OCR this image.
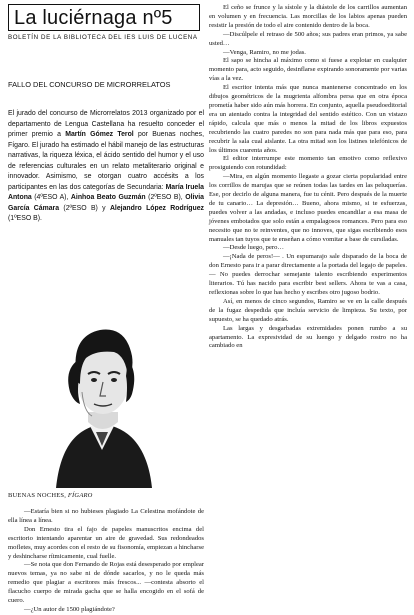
La luciérnaga nº5
BOLETÍN DE LA BIBLIOTECA DEL IES LUIS DE LUCENA
FALLO DEL CONCURSO DE MICRORRELATOS

El jurado del concurso de Microrrelatos 2013 organizado por el departamento de Lengua Castellana ha resuelto conceder el primer premio a Martín Gómez Terol por Buenas noches, Fígaro. El jurado ha estimado el hábil manejo de las estructuras narrativas, la riqueza léxica, el ácido sentido del humor y el uso de referencias culturales en un relato metaliterario original e innovador. Asimismo, se otorgan cuatro accésits a los participantes en las dos categorías de Secundaria: María Iruela Antona (4ºESO A), Ainhoa Beato Guzmán (2ºESO B), Olivia García Cámara (2ºESO B) y Alejandro López Rodríguez (1ºESO B).

BUENAS NOCHES, FÍGARO
—Estaría bien si no hubieses plagiado La Celestina mofándote de ella línea a línea.
Don Ernesto tira el fajo de papeles manuscritos encima del escritorio intentando aparentar un aire de gravedad. Sus redondeados mofletes, muy acordes con el resto de su fisonomía, empiezan a hincharse y deshincharse rítmicamente, cual fuelle.
—Se nota que don Fernando de Rojas está desesperado por emplear nuevos temas, ya no sabe ni de dónde sacarlos, y no le queda más remedio que plagiar a escritores más frescos... —contesta absorto el flacucho cuerpo de mirada gacha que se halla encogido en el sofá de cuero.
—¿Un autor de 1500 plagiándote?
El ceño se frunce y la sístole y la diástole de los carrillos aumentan en volumen y en frecuencia. Las morcillas de los labios apenas pueden resistir la presión de todo el aire contenido dentro de la boca.
—Discúlpele el retraso de 500 años; sus padres eran primos, ya sabe usted…
—Venga, Ramiro, no me jodas.
El sapo se hincha al máximo como si fuese a explotar en cualquier momento para, acto seguido, desinflarse expirando sonoramente por varias vías a la vez.
El escritor intenta más que nunca mantenerse concentrado en los dibujos geométricos de la mugrienta alfombra persa que en otra época prometía haber sido aún más horrera. En conjunto, aquella pseudoeditorial era un atentado contra la integridad del sentido estético. Con un vistazo rápido, calcula que más o menos la mitad de los libros expuestos recubriendo las cuatro paredes no son para nada más que para eso, para recubrir la sala cual aislante. La otra mitad son los listines telefónicos de los últimos cuarenta años.
El editor interrumpe este momento tan emotivo como reflexivo prosiguiendo con rotundidad:
—Mira, en algún momento llegaste a gozar cierta popularidad entre los corrillos de marujas que se reúnen todas las tardes en las peluquerías. Ese, por decirlo de alguna manera, fue tu cénit. Pero después de la muerte de tu canario… La depresión… Bueno, ahora mismo, si te esfuerzas, puedes volver a las andadas, e incluso puedes encandilar a esa masa de jóvenes embotados que solo están a empalagosos romances. Pero para eso necesito que no te reinventes, que no innoves, que sigas escribiendo esos manuales tan tuyos que te enseñan a cómo vomitar a base de cursiladas.
—Desde luego, pero…
—¡Nada de peros!— . Un espumarajo sale disparado de la boca de don Ernesto para ir a parar directamente a la portada del legajo de papeles.— No puedes derrochar semejante talento escribiendo experimentos literarios. Tú has nacido para escribir best sellers. Ahora te vas a casa, reflexionas sobre lo que has hecho y escribes otro jugoso bodrio.
Así, en menos de cinco segundos, Ramiro se ve en la calle después de la fugaz despedida que incluía servicio de limpieza. Su texto, por supuesto, se ha quedado atrás.
Las largas y desgarbadas extremidades ponen rumbo a su apartamento. La expresividad de su luengo y delgado rostro no ha cambiado en
